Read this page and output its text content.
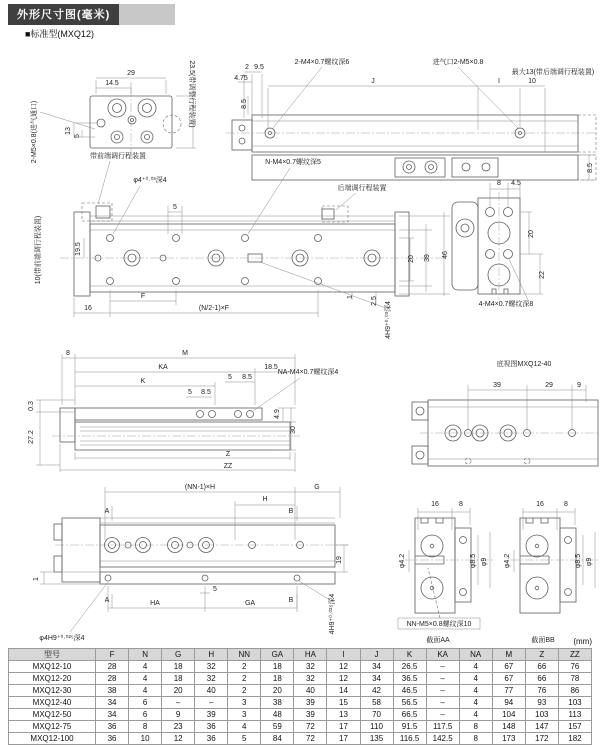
29
14.5
13
5
2-M5×0.8(进气通口)
23.5(带调整行程装置)	2 9.5
4.75
2-M4×0.7螺纹深6
J
进气口2-M5×0.8
I	10
最大13(带后端调行程装置)
8.5
8.5
带前端调行程装置
φ4⁺⁰·⁰³深4
5
N-M4×0.7螺纹深5
后端调行程装置
10(带前端调行程装置)	19.5
20 39 46
1 2.5
16
F
(N/2-1)×F	4H9⁺⁰·⁰³深4
8 4.5
20
22
4-M4×0.7螺纹深8
8	M
KA	18.5
K
5 8.5
5 8.5
NA-M4×0.7螺纹深4
0.3
27.2
4.9
30
Z
ZZ
底视图MXQ12-40
39	29	9
(NN-1)×H	G
H
A	B
A	B
19
1
5
HA	GA
φ4H9⁺⁰·⁰²⁵深4
4H9⁺⁰·⁰²⁵深4
16	8
φ4.2	φ8.5 φ9
NN-M5×0.8螺纹深10
截面AA
16	8
φ4.2	φ8.5 φ9
截面BB
外形尺寸图(毫米)
■标准型(MXQ12)
(mm)
型号	F	N	G	H	NN	GA	HA	I	J	K	KA	NA	M	Z	ZZ
MXQ12-10	28	4	18	32	2	18	32	12	34	26.5	–	4	67	66	76
MXQ12-20	28	4	18	32	2	18	32	12	34	36.5	–	4	67	66	78
MXQ12-30	38	4	20	40	2	20	40	14	42	46.5	–	4	77	76	86
MXQ12-40	34	6	–	–	3	38	39	15	58	56.5	–	4	94	93	103
MXQ12-50	34	6	9	39	3	48	39	13	70	66.5	–	4	104	103	113
MXQ12-75	36	8	23	36	4	59	72	17	110	91.5	117.5	8	148	147	157
MXQ12-100	36	10	12	36	5	84	72	17	135	116.5	142.5	8	173	172	182
